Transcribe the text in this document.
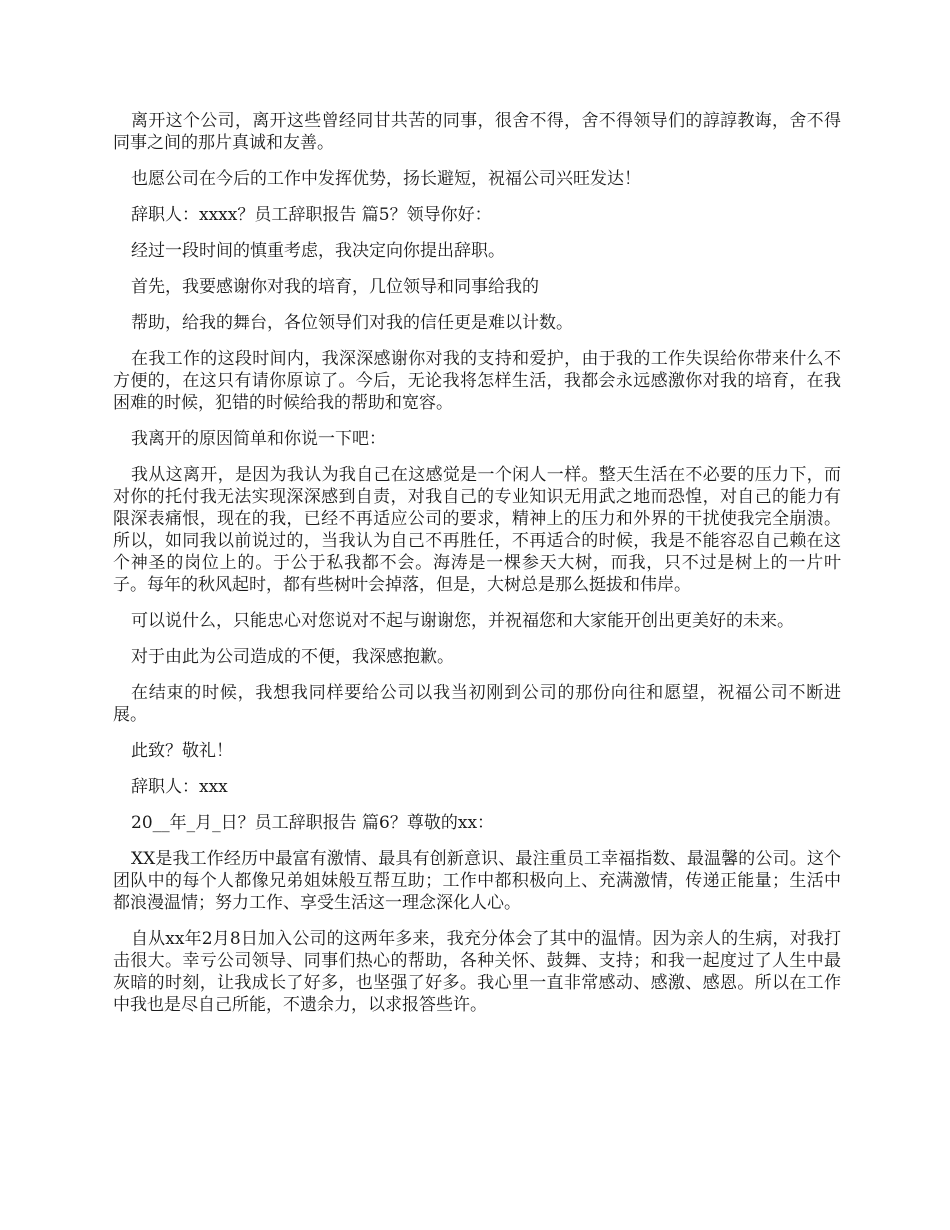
离开这个公司，离开这些曾经同甘共苦的同事，很舍不得，舍不得领导们的諄諄教诲，舍不得同事之间的那片真诚和友善。

也愿公司在今后的工作中发挥优势，扬长避短，祝福公司兴旺发达！

辞职人：xxxx？员工辞职报告 篇5？领导你好：

经过一段时间的慎重考虑，我决定向你提出辞职。

首先，我要感谢你对我的培育，几位领导和同事给我的

帮助，给我的舞台，各位领导们对我的信任更是难以计数。

在我工作的这段时间内，我深深感谢你对我的支持和爱护，由于我的工作失误给你带来什么不方便的，在这只有请你原谅了。今后，无论我将怎样生活，我都会永远感激你对我的培育，在我困难的时候，犯错的时候给我的帮助和宽容。

我离开的原因简单和你说一下吧：

我从这离开，是因为我认为我自己在这感觉是一个闲人一样。整天生活在不必要的压力下，而对你的托付我无法实现深深感到自责，对我自己的专业知识无用武之地而恐惶，对自己的能力有限深表痛恨，现在的我，已经不再适应公司的要求，精神上的压力和外界的干扰使我完全崩溃。所以，如同我以前说过的，当我认为自己不再胜任，不再适合的时候，我是不能容忍自己赖在这个神圣的岗位上的。于公于私我都不会。海涛是一棵参天大树，而我，只不过是树上的一片叶子。每年的秋风起时，都有些树叶会掉落，但是，大树总是那么挺拔和伟岸。

可以说什么，只能忠心对您说对不起与谢谢您，并祝福您和大家能开创出更美好的未来。

对于由此为公司造成的不便，我深感抱歉。

在结束的时候，我想我同样要给公司以我当初刚到公司的那份向往和愿望，祝福公司不断进展。

此致？敬礼！

辞职人：xxx

20__年_月_日？员工辞职报告 篇6？尊敬的xx：

XX是我工作经历中最富有激情、最具有创新意识、最注重员工幸福指数、最温馨的公司。这个团队中的每个人都像兄弟姐妹般互帮互助；工作中都积极向上、充满激情，传递正能量；生活中都浪漫温情；努力工作、享受生活这一理念深化人心。

自从xx年2月8日加入公司的这两年多来，我充分体会了其中的温情。因为亲人的生病，对我打击很大。幸亏公司领导、同事们热心的帮助，各种关怀、鼓舞、支持；和我一起度过了人生中最灰暗的时刻，让我成长了好多，也坚强了好多。我心里一直非常感动、感激、感恩。所以在工作中我也是尽自己所能，不遗余力，以求报答些许。
